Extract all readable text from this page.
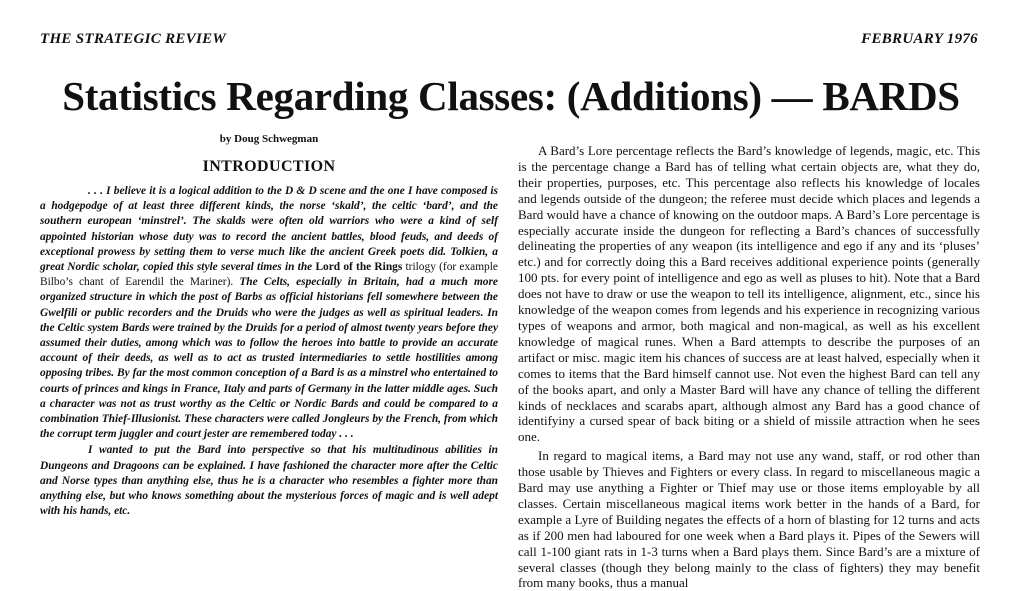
THE STRATEGIC REVIEW	FEBRUARY 1976
Statistics Regarding Classes: (Additions) — BARDS
by Doug Schwegman
INTRODUCTION

. . . I believe it is a logical addition to the D & D scene and the one I have composed is a hodgepodge of at least three different kinds, the norse ‘skald’, the celtic ‘bard’, and the southern european ‘minstrel’. The skalds were often old warriors who were a kind of self appointed historian whose duty was to record the ancient battles, blood feuds, and deeds of exceptional prowess by setting them to verse much like the ancient Greek poets did. Tolkien, a great Nordic scholar, copied this style several times in the Lord of the Rings trilogy (for example Bilbo’s chant of Earendil the Mariner). The Celts, especially in Britain, had a much more organized structure in which the post of Barbs as official historians fell somewhere between the Gwelfili or public recorders and the Druids who were the judges as well as spiritual leaders. In the Celtic system Bards were trained by the Druids for a period of almost twenty years before they assumed their duties, among which was to follow the heroes into battle to provide an accurate account of their deeds, as well as to act as trusted intermediaries to settle hostilities among opposing tribes. By far the most common conception of a Bard is as a minstrel who entertained to courts of princes and kings in France, Italy and parts of Germany in the latter middle ages. Such a character was not as trust worthy as the Celtic or Nordic Bards and could be compared to a combination Thief-Illusionist. These characters were called Jongleurs by the French, from which the corrupt term juggler and court jester are remembered today . . .

I wanted to put the Bard into perspective so that his multitudinous abilities in Dungeons and Dragoons can be explained. I have fashioned the character more after the Celtic and Norse types than anything else, thus he is a character who resembles a fighter more than anything else, but who knows something about the mysterious forces of magic and is well adept with his hands, etc.

A Bard’s Lore percentage reflects the Bard’s knowledge of legends, magic, etc. This is the percentage change a Bard has of telling what certain objects are, what they do, their properties, purposes, etc. This percentage also reflects his knowledge of locales and legends outside of the dungeon; the referee must decide which places and legends a Bard would have a chance of knowing on the outdoor maps. A Bard’s Lore percentage is especially accurate inside the dungeon for reflecting a Bard’s chances of successfully delineating the properties of any weapon (its intelligence and ego if any and its ‘pluses’ etc.) and for correctly doing this a Bard receives additional experience points (generally 100 pts. for every point of intelligence and ego as well as pluses to hit). Note that a Bard does not have to draw or use the weapon to tell its intelligence, alignment, etc., since his knowledge of the weapon comes from legends and his experience in recognizing various types of weapons and armor, both magical and non-magical, as well as his excellent knowledge of magical runes. When a Bard attempts to describe the purposes of an artifact or misc. magic item his chances of success are at least halved, especially when it comes to items that the Bard himself cannot use. Not even the highest Bard can tell any of the books apart, and only a Master Bard will have any chance of telling the different kinds of necklaces and scarabs apart, although almost any Bard has a good chance of identifyiny a cursed spear of back biting or a shield of missile attraction when he sees one.

In regard to magical items, a Bard may not use any wand, staff, or rod other than those usable by Thieves and Fighters or every class. In regard to miscellaneous magic a Bard may use anything a Fighter or Thief may use or those items employable by all classes. Certain miscellaneous magical items work better in the hands of a Bard, for example a Lyre of Building negates the effects of a horn of blasting for 12 turns and acts as if 200 men had laboured for one week when a Bard plays it. Pipes of the Sewers will call 1-100 giant rats in 1-3 turns when a Bard plays them. Since Bard’s are a mixture of several classes (though they belong mainly to the class of fighters) they may benefit from many books, thus a manual
